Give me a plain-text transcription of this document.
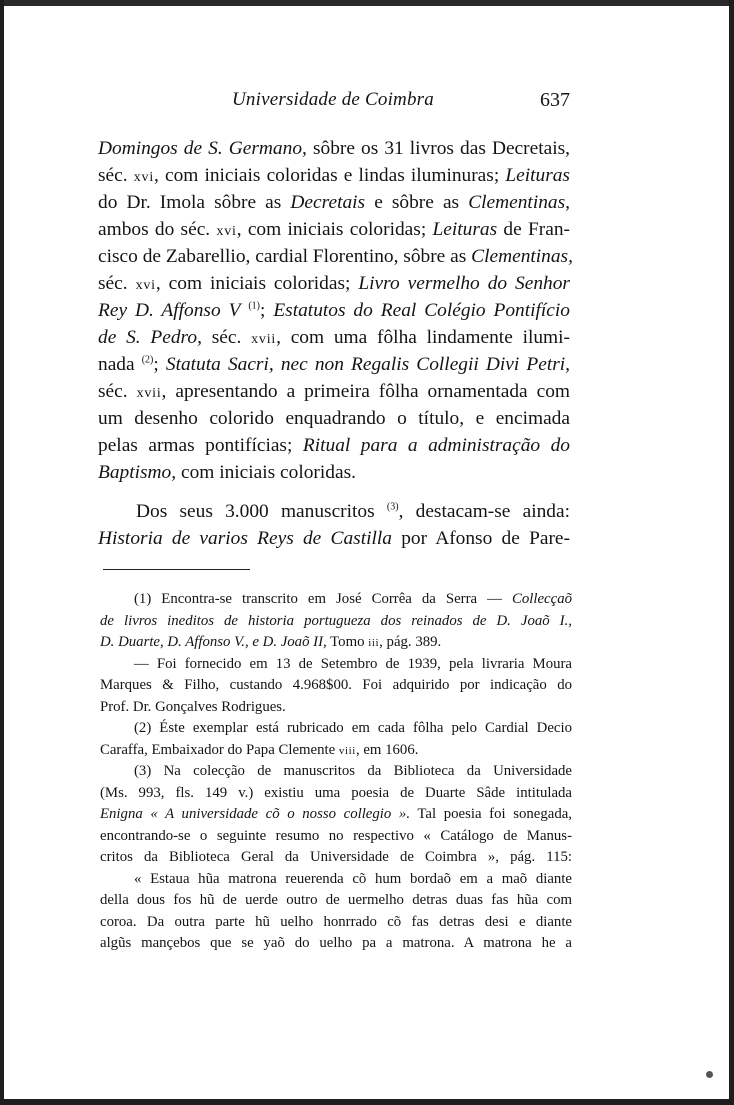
Universidade de Coimbra	637
Domingos de S. Germano, sôbre os 31 livros das Decretais,
séc. xvi, com iniciais coloridas e lindas iluminuras; Leituras
do Dr. Imola sôbre as Decretais e sôbre as Clementinas,
ambos do séc. xvi, com iniciais coloridas; Leituras de Fran-
cisco de Zabarellio, cardial Florentino, sôbre as Clementinas,
séc. xvi, com iniciais coloridas; Livro vermelho do Senhor
Rey D. Affonso V $^{(1)}$; Estatutos do Real Colégio Pontifício
de S. Pedro, séc. xvii, com uma fôlha lindamente ilumi-
nada $^{(2)}$; Statuta Sacri, nec non Regalis Collegii Divi Petri,
séc. xvii, apresentando a primeira fôlha ornamentada com
um desenho colorido enquadrando o título, e encimada
pelas armas pontifícias; Ritual para a administração do
Baptismo, com iniciais coloridas.
Dos seus 3.000 manuscritos $^{(3)}$, destacam-se ainda:
Historia de varios Reys de Castilla por Afonso de Pare-
(1) Encontra-se transcrito em José Corrêa da Serra — Collecçaõ
de livros ineditos de historia portugueza dos reinados de D. Joaõ I.,
D. Duarte, D. Affonso V., e D. Joaõ II, Tomo iii, pág. 389.
— Foi fornecido em 13 de Setembro de 1939, pela livraria Moura
Marques & Filho, custando 4.968$00. Foi adquirido por indicação do
Prof. Dr. Gonçalves Rodrigues.
(2) Éste exemplar está rubricado em cada fôlha pelo Cardial Decio
Caraffa, Embaixador do Papa Clemente viii, em 1606.
(3) Na colecção de manuscritos da Biblioteca da Universidade
(Ms. 993, fls. 149 v.) existiu uma poesia de Duarte Sâde intitulada
Enigna « A universidade cõ o nosso collegio ». Tal poesia foi sonegada,
encontrando-se o seguinte resumo no respectivo « Catálogo de Manus-
critos da Biblioteca Geral da Universidade de Coimbra », pág. 115:
« Estaua hũa matrona reuerenda cõ hum bordaõ em a maõ diante
della dous fos hũ de uerde outro de uermelho detras duas fas hũa com
coroa. Da outra parte hũ uelho honrrado cõ fas detras desi e diante
algũs mançebos que se yaõ do uelho pa a matrona. A matrona he a
